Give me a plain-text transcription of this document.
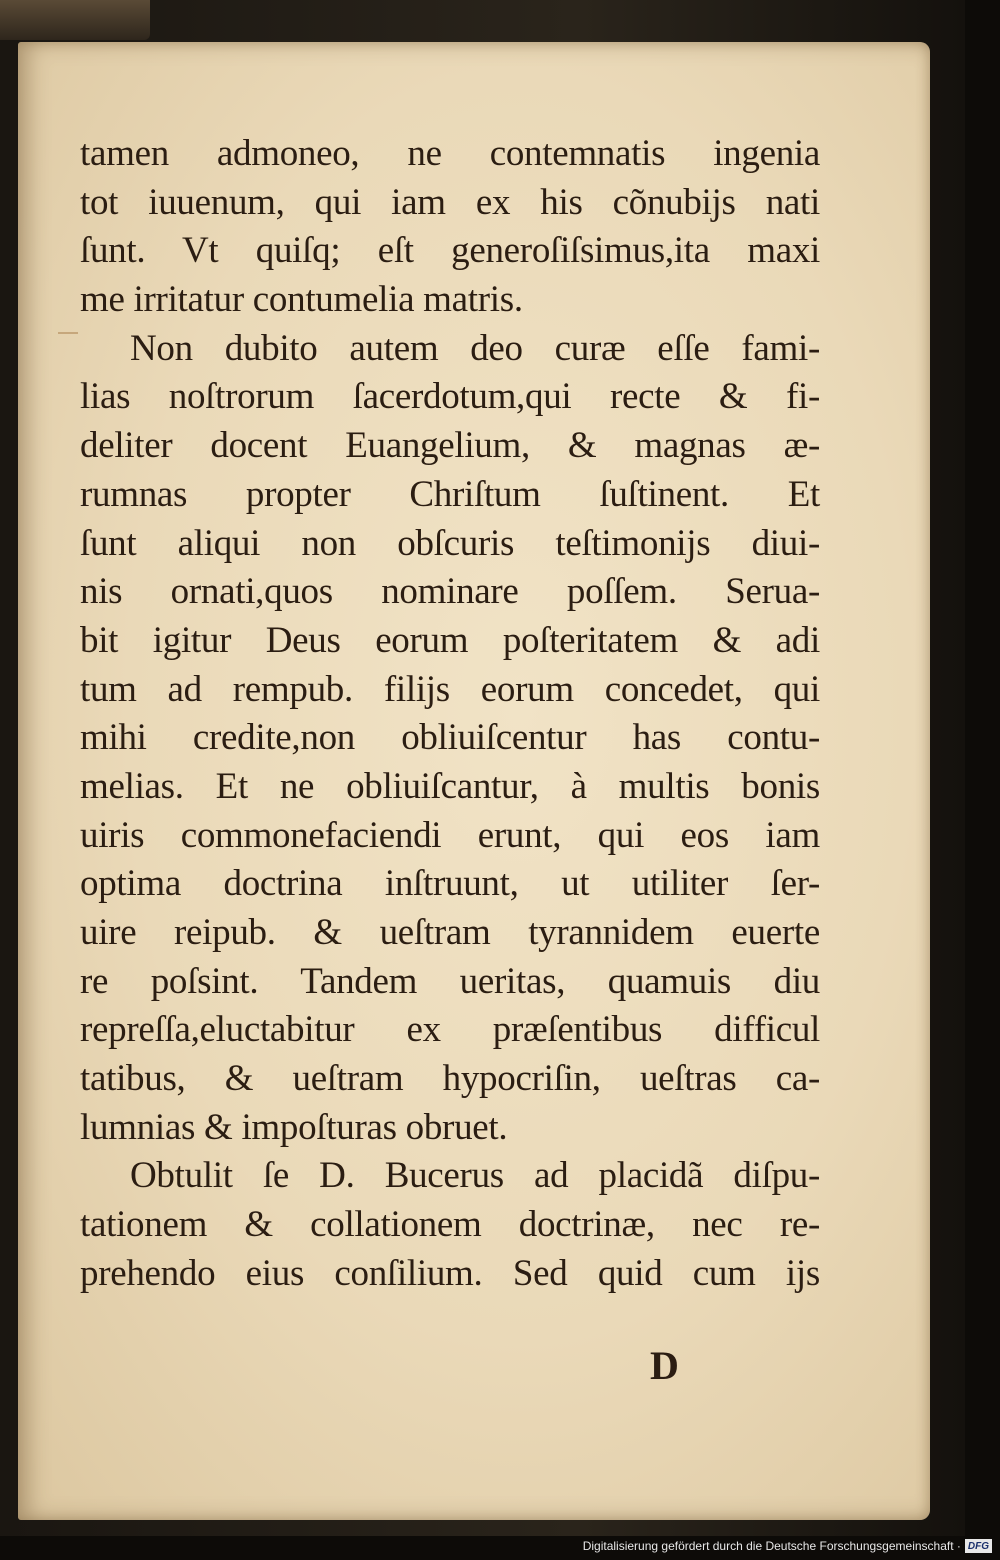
tamen admoneo, ne contemnatis ingenia
tot iuuenum, qui iam ex his cõnubijs nati
ſunt. Vt quiſq; eſt generoſiſsimus,ita maxi
me irritatur contumelia matris.
Non dubito autem deo curæ eſſe fami-
lias noſtrorum ſacerdotum,qui recte & fi-
deliter docent Euangelium, & magnas æ-
rumnas propter Chriſtum ſuſtinent. Et
ſunt aliqui non obſcuris teſtimonijs diui-
nis ornati,quos nominare poſſem. Serua-
bit igitur Deus eorum poſteritatem & adi
tum ad rempub. filijs eorum concedet, qui
mihi credite,non obliuiſcentur has contu-
melias. Et ne obliuiſcantur, à multis bonis
uiris commonefaciendi erunt, qui eos iam
optima doctrina inſtruunt, ut utiliter ſer-
uire reipub. & ueſtram tyrannidem euerte
re poſsint. Tandem ueritas, quamuis diu
repreſſa,eluctabitur ex præſentibus difficul
tatibus, & ueſtram hypocriſin, ueſtras ca-
lumnias & impoſturas obruet.
Obtulit ſe D. Bucerus ad placidã diſpu-
tationem & collationem doctrinæ, nec re-
prehendo eius conſilium. Sed quid cum ijs
D
Digitalisierung gefördert durch die Deutsche Forschungsgemeinschaft · DFG
